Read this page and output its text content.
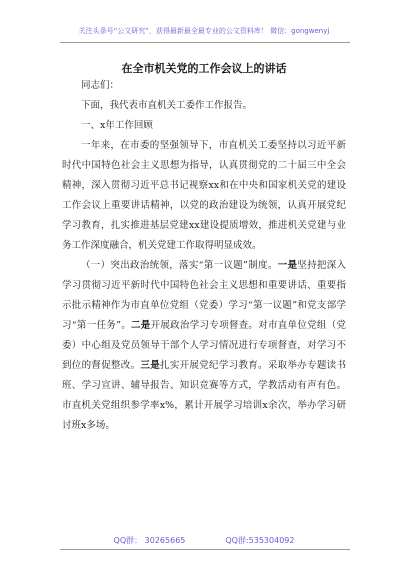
关注头条号“公文研究”，获得最新最全最专业的公文资料库！ 微信：gongwenyj
在全市机关党的工作会议上的讲话

同志们：

下面，我代表市直机关工委作工作报告。

一、x年工作回顾

一年来，在市委的坚强领导下，市直机关工委坚持以习近平新时代中国特色社会主义思想为指导，认真贯彻党的二十届三中全会精神，深入贯彻习近平总书记视察xx和在中央和国家机关党的建设工作会议上重要讲话精神，以党的政治建设为统领，认真开展党纪学习教育，扎实推进基层党建xx建设提质增效，推进机关党建与业务工作深度融合，机关党建工作取得明显成效。

（一）突出政治统领，落实“第一议题”制度。一是坚持把深入学习贯彻习近平新时代中国特色社会主义思想和重要讲话、重要指示批示精神作为市直单位党组（党委）学习“第一议题”和党支部学习“第一任务”。二是开展政治学习专项督查。对市直单位党组（党委）中心组及党员领导干部个人学习情况进行专项督查，对学习不到位的督促整改。三是扎实开展党纪学习教育。采取举办专题读书班、学习宣讲、辅导报告、知识竞赛等方式，学教活动有声有色。市直机关党组织参学率x%，累计开展学习培训x余次，举办学习研讨班x多场。

QQ群： 30265665	QQ群:535304092
